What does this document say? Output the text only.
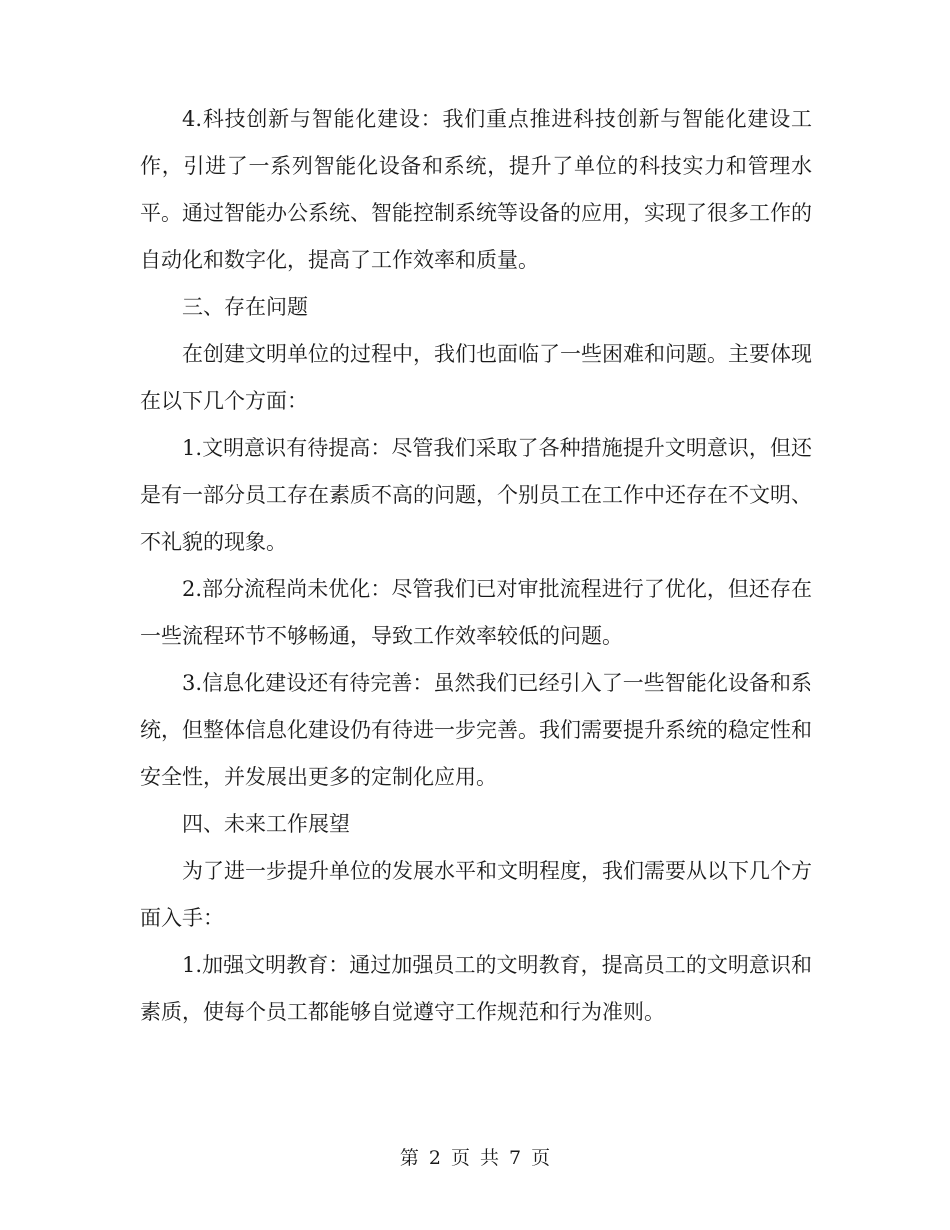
4.科技创新与智能化建设：我们重点推进科技创新与智能化建设工作，引进了一系列智能化设备和系统，提升了单位的科技实力和管理水平。通过智能办公系统、智能控制系统等设备的应用，实现了很多工作的自动化和数字化，提高了工作效率和质量。

三、存在问题

在创建文明单位的过程中，我们也面临了一些困难和问题。主要体现在以下几个方面：

1.文明意识有待提高：尽管我们采取了各种措施提升文明意识，但还是有一部分员工存在素质不高的问题，个别员工在工作中还存在不文明、不礼貌的现象。

2.部分流程尚未优化：尽管我们已对审批流程进行了优化，但还存在一些流程环节不够畅通，导致工作效率较低的问题。

3.信息化建设还有待完善：虽然我们已经引入了一些智能化设备和系统，但整体信息化建设仍有待进一步完善。我们需要提升系统的稳定性和安全性，并发展出更多的定制化应用。

四、未来工作展望

为了进一步提升单位的发展水平和文明程度，我们需要从以下几个方面入手：

1.加强文明教育：通过加强员工的文明教育，提高员工的文明意识和素质，使每个员工都能够自觉遵守工作规范和行为准则。

第 2 页 共 7 页
